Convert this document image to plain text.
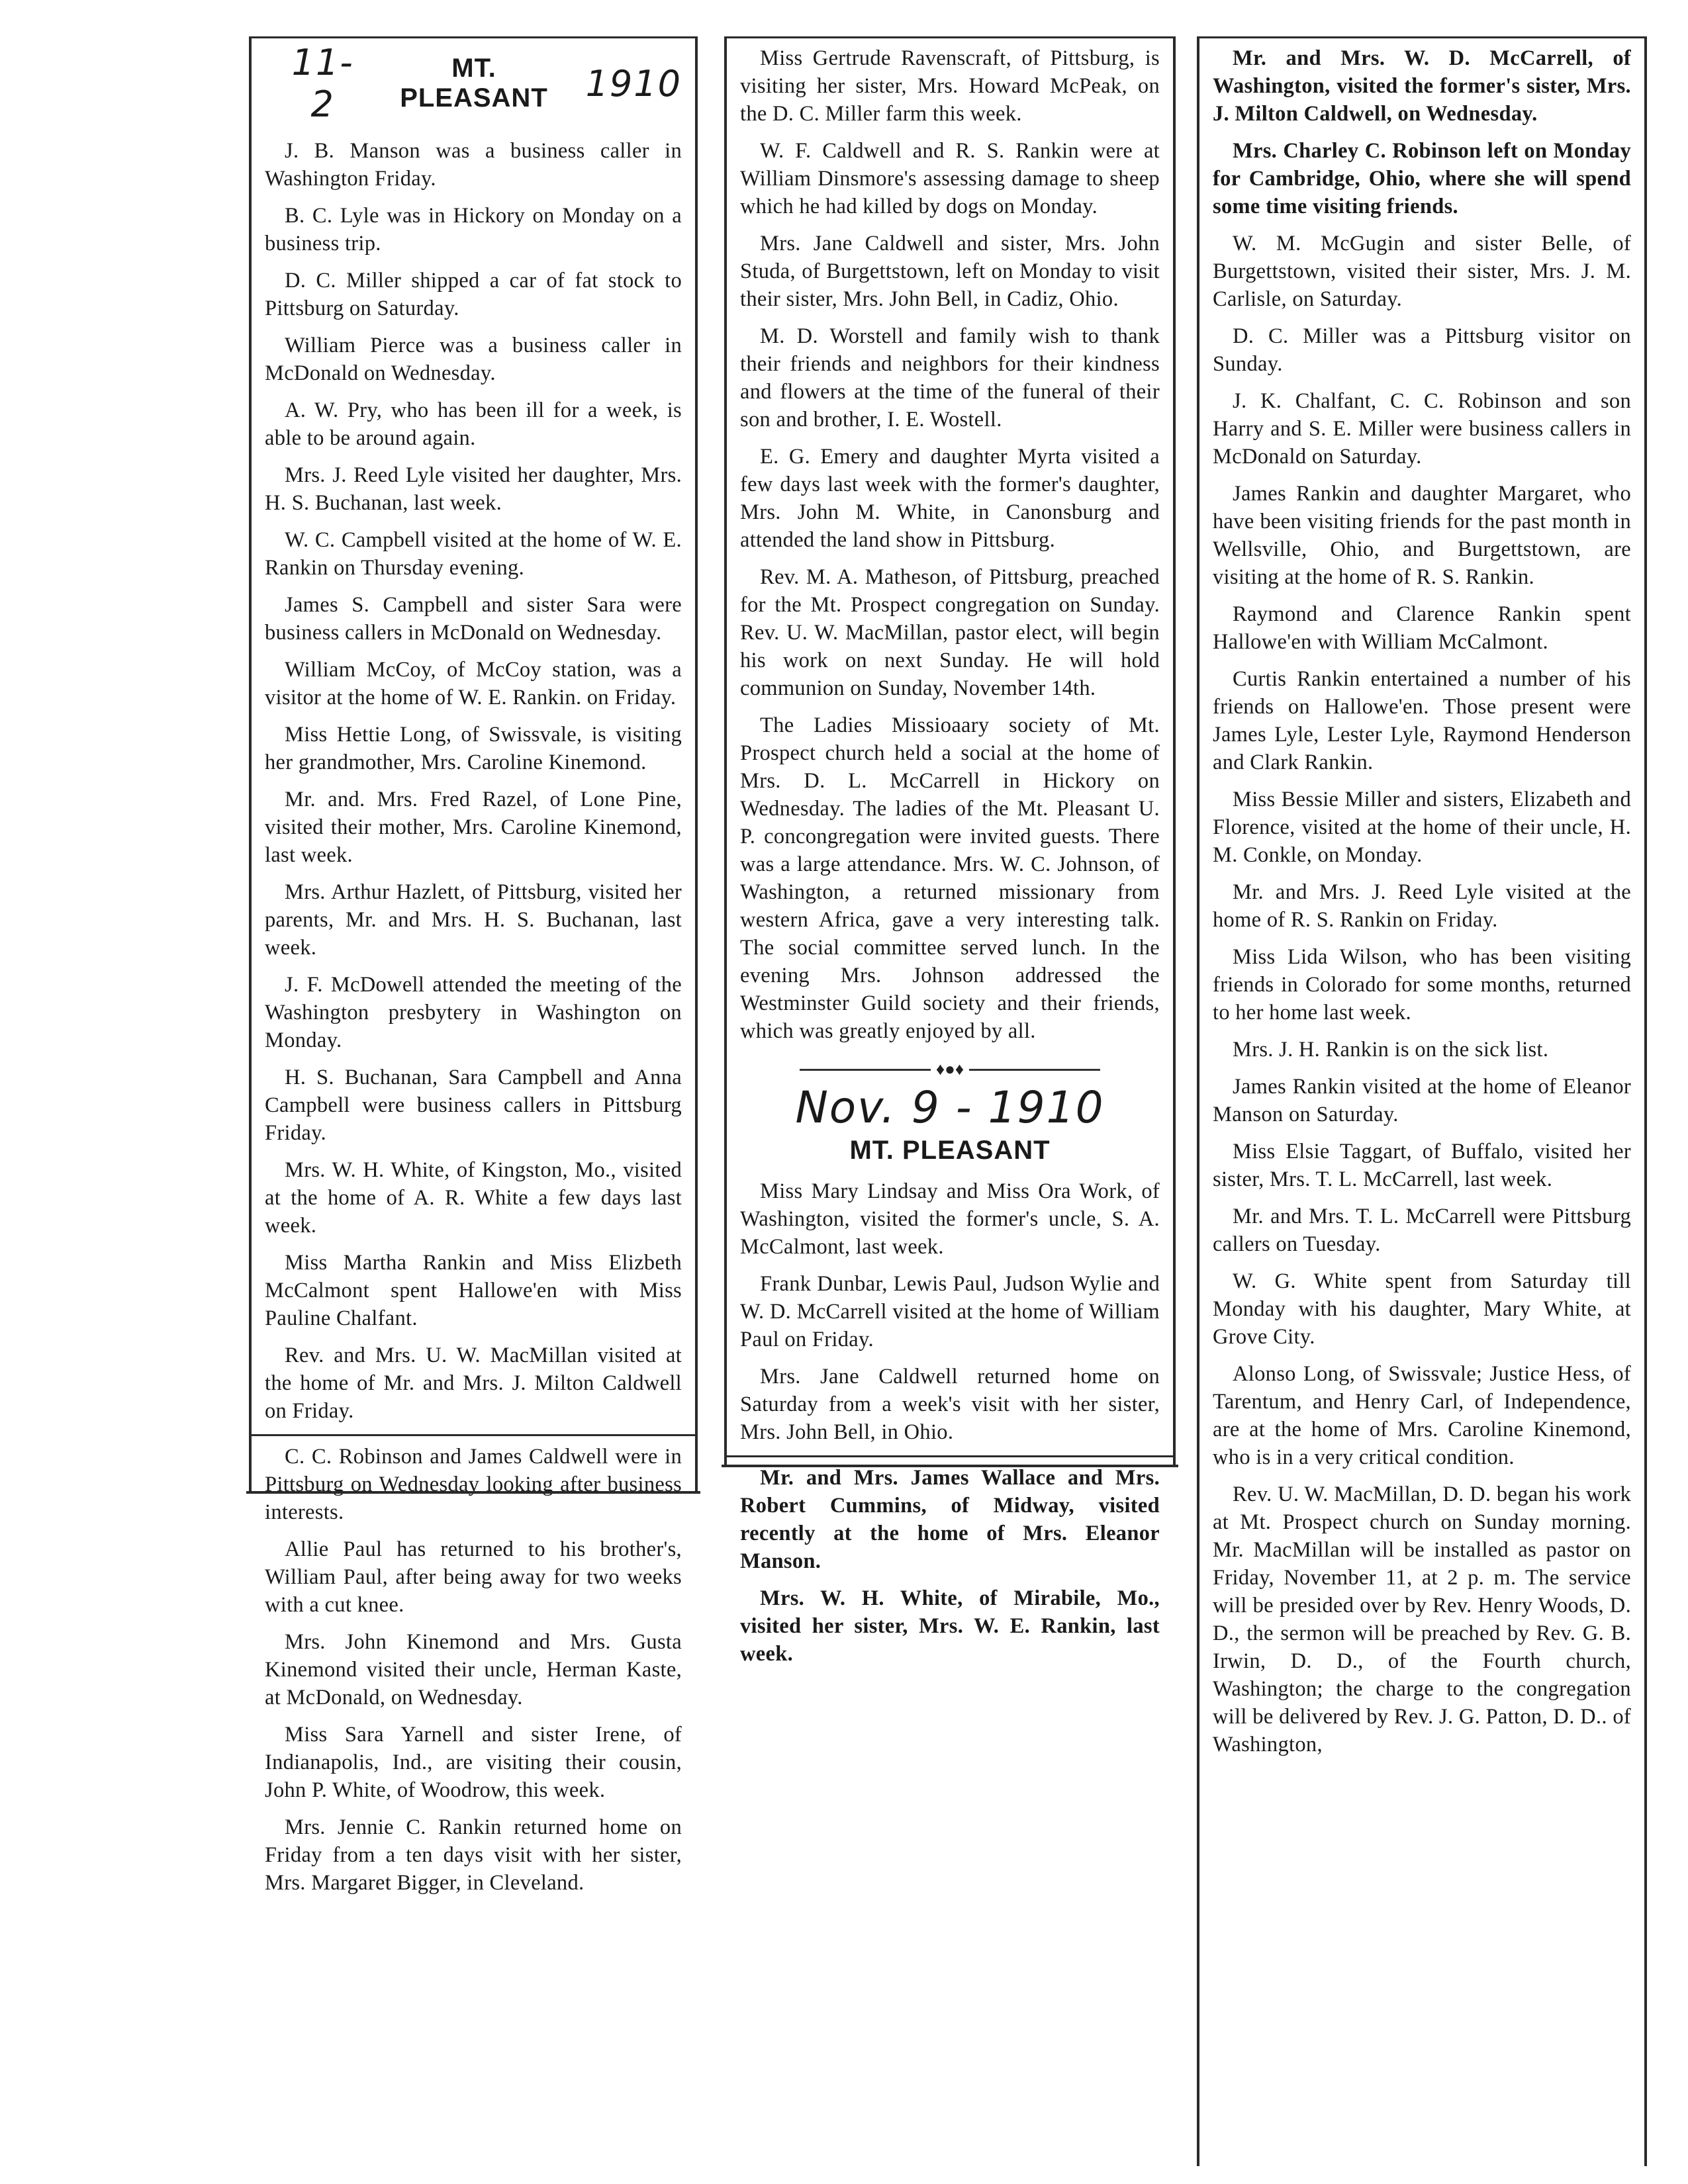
11-2
MT. PLEASANT	1910

J. B. Manson was a business caller in Washington Friday.

B. C. Lyle was in Hickory on Monday on a business trip.

D. C. Miller shipped a car of fat stock to Pittsburg on Saturday.

William Pierce was a business caller in McDonald on Wednesday.

A. W. Pry, who has been ill for a week, is able to be around again.

Mrs. J. Reed Lyle visited her daughter, Mrs. H. S. Buchanan, last week.

W. C. Campbell visited at the home of W. E. Rankin on Thursday evening.

James S. Campbell and sister Sara were business callers in McDonald on Wednesday.

William McCoy, of McCoy station, was a visitor at the home of W. E. Rankin. on Friday.

Miss Hettie Long, of Swissvale, is visiting her grandmother, Mrs. Caroline Kinemond.

Mr. and. Mrs. Fred Razel, of Lone Pine, visited their mother, Mrs. Caroline Kinemond, last week.

Mrs. Arthur Hazlett, of Pittsburg, visited her parents, Mr. and Mrs. H. S. Buchanan, last week.

J. F. McDowell attended the meeting of the Washington presbytery in Washington on Monday.

H. S. Buchanan, Sara Campbell and Anna Campbell were business callers in Pittsburg Friday.

Mrs. W. H. White, of Kingston, Mo., visited at the home of A. R. White a few days last week.

Miss Martha Rankin and Miss Elizbeth McCalmont spent Hallowe'en with Miss Pauline Chalfant.

Rev. and Mrs. U. W. MacMillan visited at the home of Mr. and Mrs. J. Milton Caldwell on Friday.

C. C. Robinson and James Caldwell were in Pittsburg on Wednesday looking after business interests.

Allie Paul has returned to his brother's, William Paul, after being away for two weeks with a cut knee.

Mrs. John Kinemond and Mrs. Gusta Kinemond visited their uncle, Herman Kaste, at McDonald, on Wednesday.

Miss Sara Yarnell and sister Irene, of Indianapolis, Ind., are visiting their cousin, John P. White, of Woodrow, this week.

Mrs. Jennie C. Rankin returned home on Friday from a ten days visit with her sister, Mrs. Margaret Bigger, in Cleveland.

Miss Gertrude Ravenscraft, of Pittsburg, is visiting her sister, Mrs. Howard McPeak, on the D. C. Miller farm this week.

W. F. Caldwell and R. S. Rankin were at William Dinsmore's assessing damage to sheep which he had killed by dogs on Monday.

Mrs. Jane Caldwell and sister, Mrs. John Studa, of Burgettstown, left on Monday to visit their sister, Mrs. John Bell, in Cadiz, Ohio.

M. D. Worstell and family wish to thank their friends and neighbors for their kindness and flowers at the time of the funeral of their son and brother, I. E. Wostell.

E. G. Emery and daughter Myrta visited a few days last week with the former's daughter, Mrs. John M. White, in Canonsburg and attended the land show in Pittsburg.

Rev. M. A. Matheson, of Pittsburg, preached for the Mt. Prospect congregation on Sunday. Rev. U. W. MacMillan, pastor elect, will begin his work on next Sunday. He will hold communion on Sunday, November 14th.

The Ladies Missioaary society of Mt. Prospect church held a social at the home of Mrs. D. L. McCarrell in Hickory on Wednesday. The ladies of the Mt. Pleasant U. P. concongregation were invited guests. There was a large attendance. Mrs. W. C. Johnson, of Washington, a returned missionary from western Africa, gave a very interesting talk. The social committee served lunch. In the evening Mrs. Johnson addressed the Westminster Guild society and their friends, which was greatly enjoyed by all.

♦●♦
Nov. 9 - 1910
MT. PLEASANT

Miss Mary Lindsay and Miss Ora Work, of Washington, visited the former's uncle, S. A. McCalmont, last week.

Frank Dunbar, Lewis Paul, Judson Wylie and W. D. McCarrell visited at the home of William Paul on Friday.

Mrs. Jane Caldwell returned home on Saturday from a week's visit with her sister, Mrs. John Bell, in Ohio.

Mr. and Mrs. James Wallace and Mrs. Robert Cummins, of Midway, visited recently at the home of Mrs. Eleanor Manson.

Mrs. W. H. White, of Mirabile, Mo., visited her sister, Mrs. W. E. Rankin, last week.

Mr. and Mrs. W. D. McCarrell, of Washington, visited the former's sister, Mrs. J. Milton Caldwell, on Wednesday.

Mrs. Charley C. Robinson left on Monday for Cambridge, Ohio, where she will spend some time visiting friends.

W. M. McGugin and sister Belle, of Burgettstown, visited their sister, Mrs. J. M. Carlisle, on Saturday.

D. C. Miller was a Pittsburg visitor on Sunday.

J. K. Chalfant, C. C. Robinson and son Harry and S. E. Miller were business callers in McDonald on Saturday.

James Rankin and daughter Margaret, who have been visiting friends for the past month in Wellsville, Ohio, and Burgettstown, are visiting at the home of R. S. Rankin.

Raymond and Clarence Rankin spent Hallowe'en with William McCalmont.

Curtis Rankin entertained a number of his friends on Hallowe'en. Those present were James Lyle, Lester Lyle, Raymond Henderson and Clark Rankin.

Miss Bessie Miller and sisters, Elizabeth and Florence, visited at the home of their uncle, H. M. Conkle, on Monday.

Mr. and Mrs. J. Reed Lyle visited at the home of R. S. Rankin on Friday.

Miss Lida Wilson, who has been visiting friends in Colorado for some months, returned to her home last week.

Mrs. J. H. Rankin is on the sick list.

James Rankin visited at the home of Eleanor Manson on Saturday.

Miss Elsie Taggart, of Buffalo, visited her sister, Mrs. T. L. McCarrell, last week.

Mr. and Mrs. T. L. McCarrell were Pittsburg callers on Tuesday.

W. G. White spent from Saturday till Monday with his daughter, Mary White, at Grove City.

Alonso Long, of Swissvale; Justice Hess, of Tarentum, and Henry Carl, of Independence, are at the home of Mrs. Caroline Kinemond, who is in a very critical condition.

Rev. U. W. MacMillan, D. D. began his work at Mt. Prospect church on Sunday morning. Mr. MacMillan will be installed as pastor on Friday, November 11, at 2 p. m. The service will be presided over by Rev. Henry Woods, D. D., the sermon will be preached by Rev. G. B. Irwin, D. D., of the Fourth church, Washington; the charge to the congregation will be delivered by Rev. J. G. Patton, D. D.. of Washington,
